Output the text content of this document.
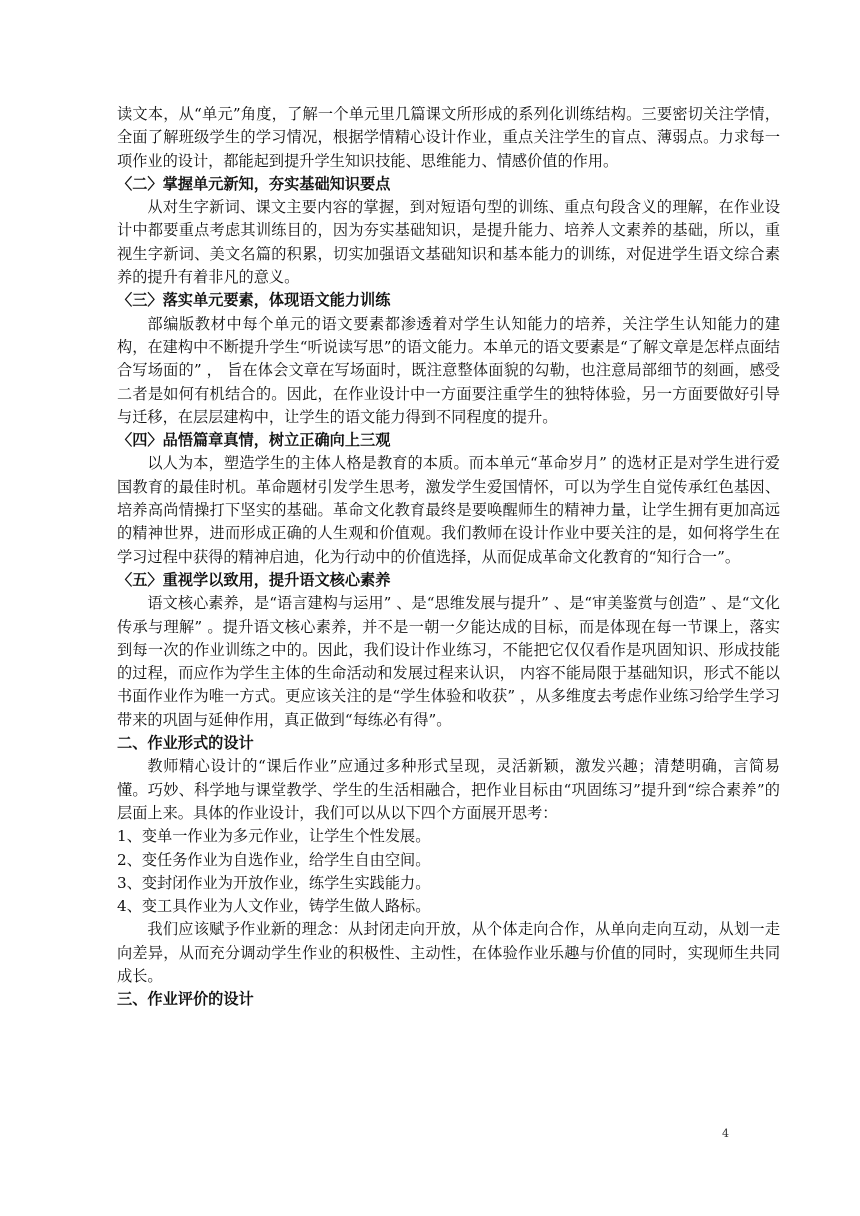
读文本，从“单元”角度，了解一个单元里几篇课文所形成的系列化训练结构。三要密切关注学情，全面了解班级学生的学习情况，根据学情精心设计作业，重点关注学生的盲点、薄弱点。力求每一项作业的设计，都能起到提升学生知识技能、思维能力、情感价值的作用。
〈二〉掌握单元新知，夯实基础知识要点
从对生字新词、课文主要内容的掌握，到对短语句型的训练、重点句段含义的理解，在作业设计中都要重点考虑其训练目的，因为夯实基础知识，是提升能力、培养人文素养的基础，所以，重视生字新词、美文名篇的积累，切实加强语文基础知识和基本能力的训练，对促进学生语文综合素养的提升有着非凡的意义。
〈三〉落实单元要素，体现语文能力训练
部编版教材中每个单元的语文要素都渗透着对学生认知能力的培养，关注学生认知能力的建构，在建构中不断提升学生“听说读写思”的语文能力。本单元的语文要素是“了解文章是怎样点面结合写场面的” ， 旨在体会文章在写场面时，既注意整体面貌的勾勒，也注意局部细节的刻画，感受二者是如何有机结合的。因此，在作业设计中一方面要注重学生的独特体验，另一方面要做好引导与迁移，在层层建构中，让学生的语文能力得到不同程度的提升。
〈四〉品悟篇章真情，树立正确向上三观
以人为本，塑造学生的主体人格是教育的本质。而本单元“革命岁月” 的选材正是对学生进行爱国教育的最佳时机。革命题材引发学生思考，激发学生爱国情怀，可以为学生自觉传承红色基因、培养高尚情操打下坚实的基础。革命文化教育最终是要唤醒师生的精神力量，让学生拥有更加高远的精神世界，进而形成正确的人生观和价值观。我们教师在设计作业中要关注的是，如何将学生在学习过程中获得的精神启迪，化为行动中的价值选择，从而促成革命文化教育的“知行合一”。
〈五〉重视学以致用，提升语文核心素养
语文核心素养，是“语言建构与运用” 、是“思维发展与提升” 、是“审美鉴赏与创造” 、是“文化传承与理解” 。提升语文核心素养，并不是一朝一夕能达成的目标，而是体现在每一节课上，落实到每一次的作业训练之中的。因此，我们设计作业练习，不能把它仅仅看作是巩固知识、形成技能的过程，而应作为学生主体的生命活动和发展过程来认识， 内容不能局限于基础知识，形式不能以书面作业作为唯一方式。更应该关注的是“学生体验和收获” ，从多维度去考虑作业练习给学生学习带来的巩固与延伸作用，真正做到“每练必有得”。
二、作业形式的设计
教师精心设计的“课后作业”应通过多种形式呈现，灵活新颖，激发兴趣；清楚明确，言简易懂。巧妙、科学地与课堂教学、学生的生活相融合，把作业目标由“巩固练习”提升到“综合素养”的层面上来。具体的作业设计，我们可以从以下四个方面展开思考：
1、变单一作业为多元作业，让学生个性发展。
2、变任务作业为自选作业，给学生自由空间。
3、变封闭作业为开放作业，练学生实践能力。
4、变工具作业为人文作业，铸学生做人路标。
我们应该赋予作业新的理念：从封闭走向开放，从个体走向合作，从单向走向互动，从划一走向差异，从而充分调动学生作业的积极性、主动性，在体验作业乐趣与价值的同时，实现师生共同成长。
三、作业评价的设计
4
